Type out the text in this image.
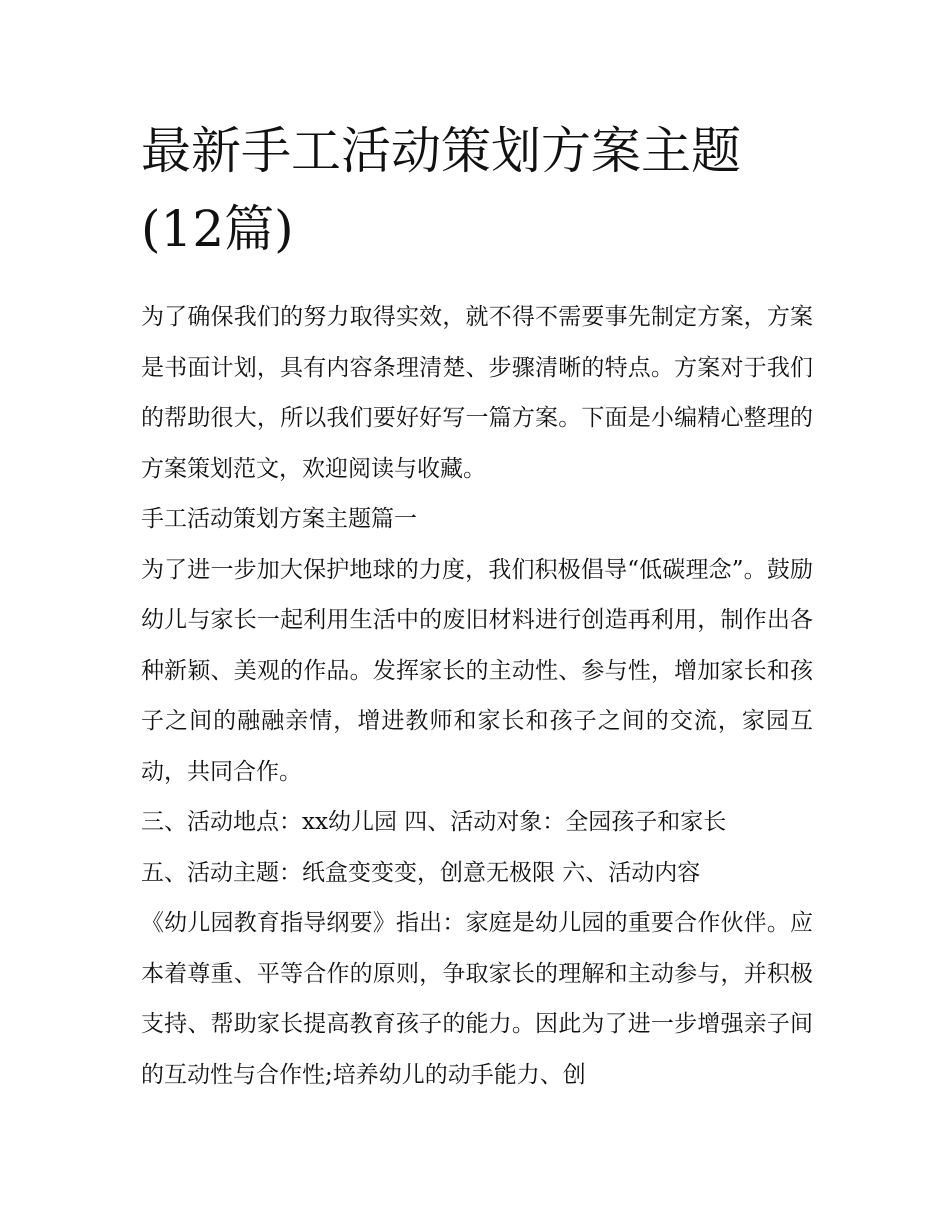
最新手工活动策划方案主题(12篇)

为了确保我们的努力取得实效，就不得不需要事先制定方案，方案是书面计划，具有内容条理清楚、步骤清晰的特点。方案对于我们的帮助很大，所以我们要好好写一篇方案。下面是小编精心整理的方案策划范文，欢迎阅读与收藏。

手工活动策划方案主题篇一

为了进一步加大保护地球的力度，我们积极倡导“低碳理念”。鼓励幼儿与家长一起利用生活中的废旧材料进行创造再利用，制作出各种新颖、美观的作品。发挥家长的主动性、参与性，增加家长和孩子之间的融融亲情，增进教师和家长和孩子之间的交流，家园互动，共同合作。

三、活动地点：xx幼儿园 四、活动对象：全园孩子和家长

五、活动主题：纸盒变变变，创意无极限 六、活动内容

《幼儿园教育指导纲要》指出：家庭是幼儿园的重要合作伙伴。应本着尊重、平等合作的原则，争取家长的理解和主动参与，并积极支持、帮助家长提高教育孩子的能力。因此为了进一步增强亲子间的互动性与合作性;培养幼儿的动手能力、创
